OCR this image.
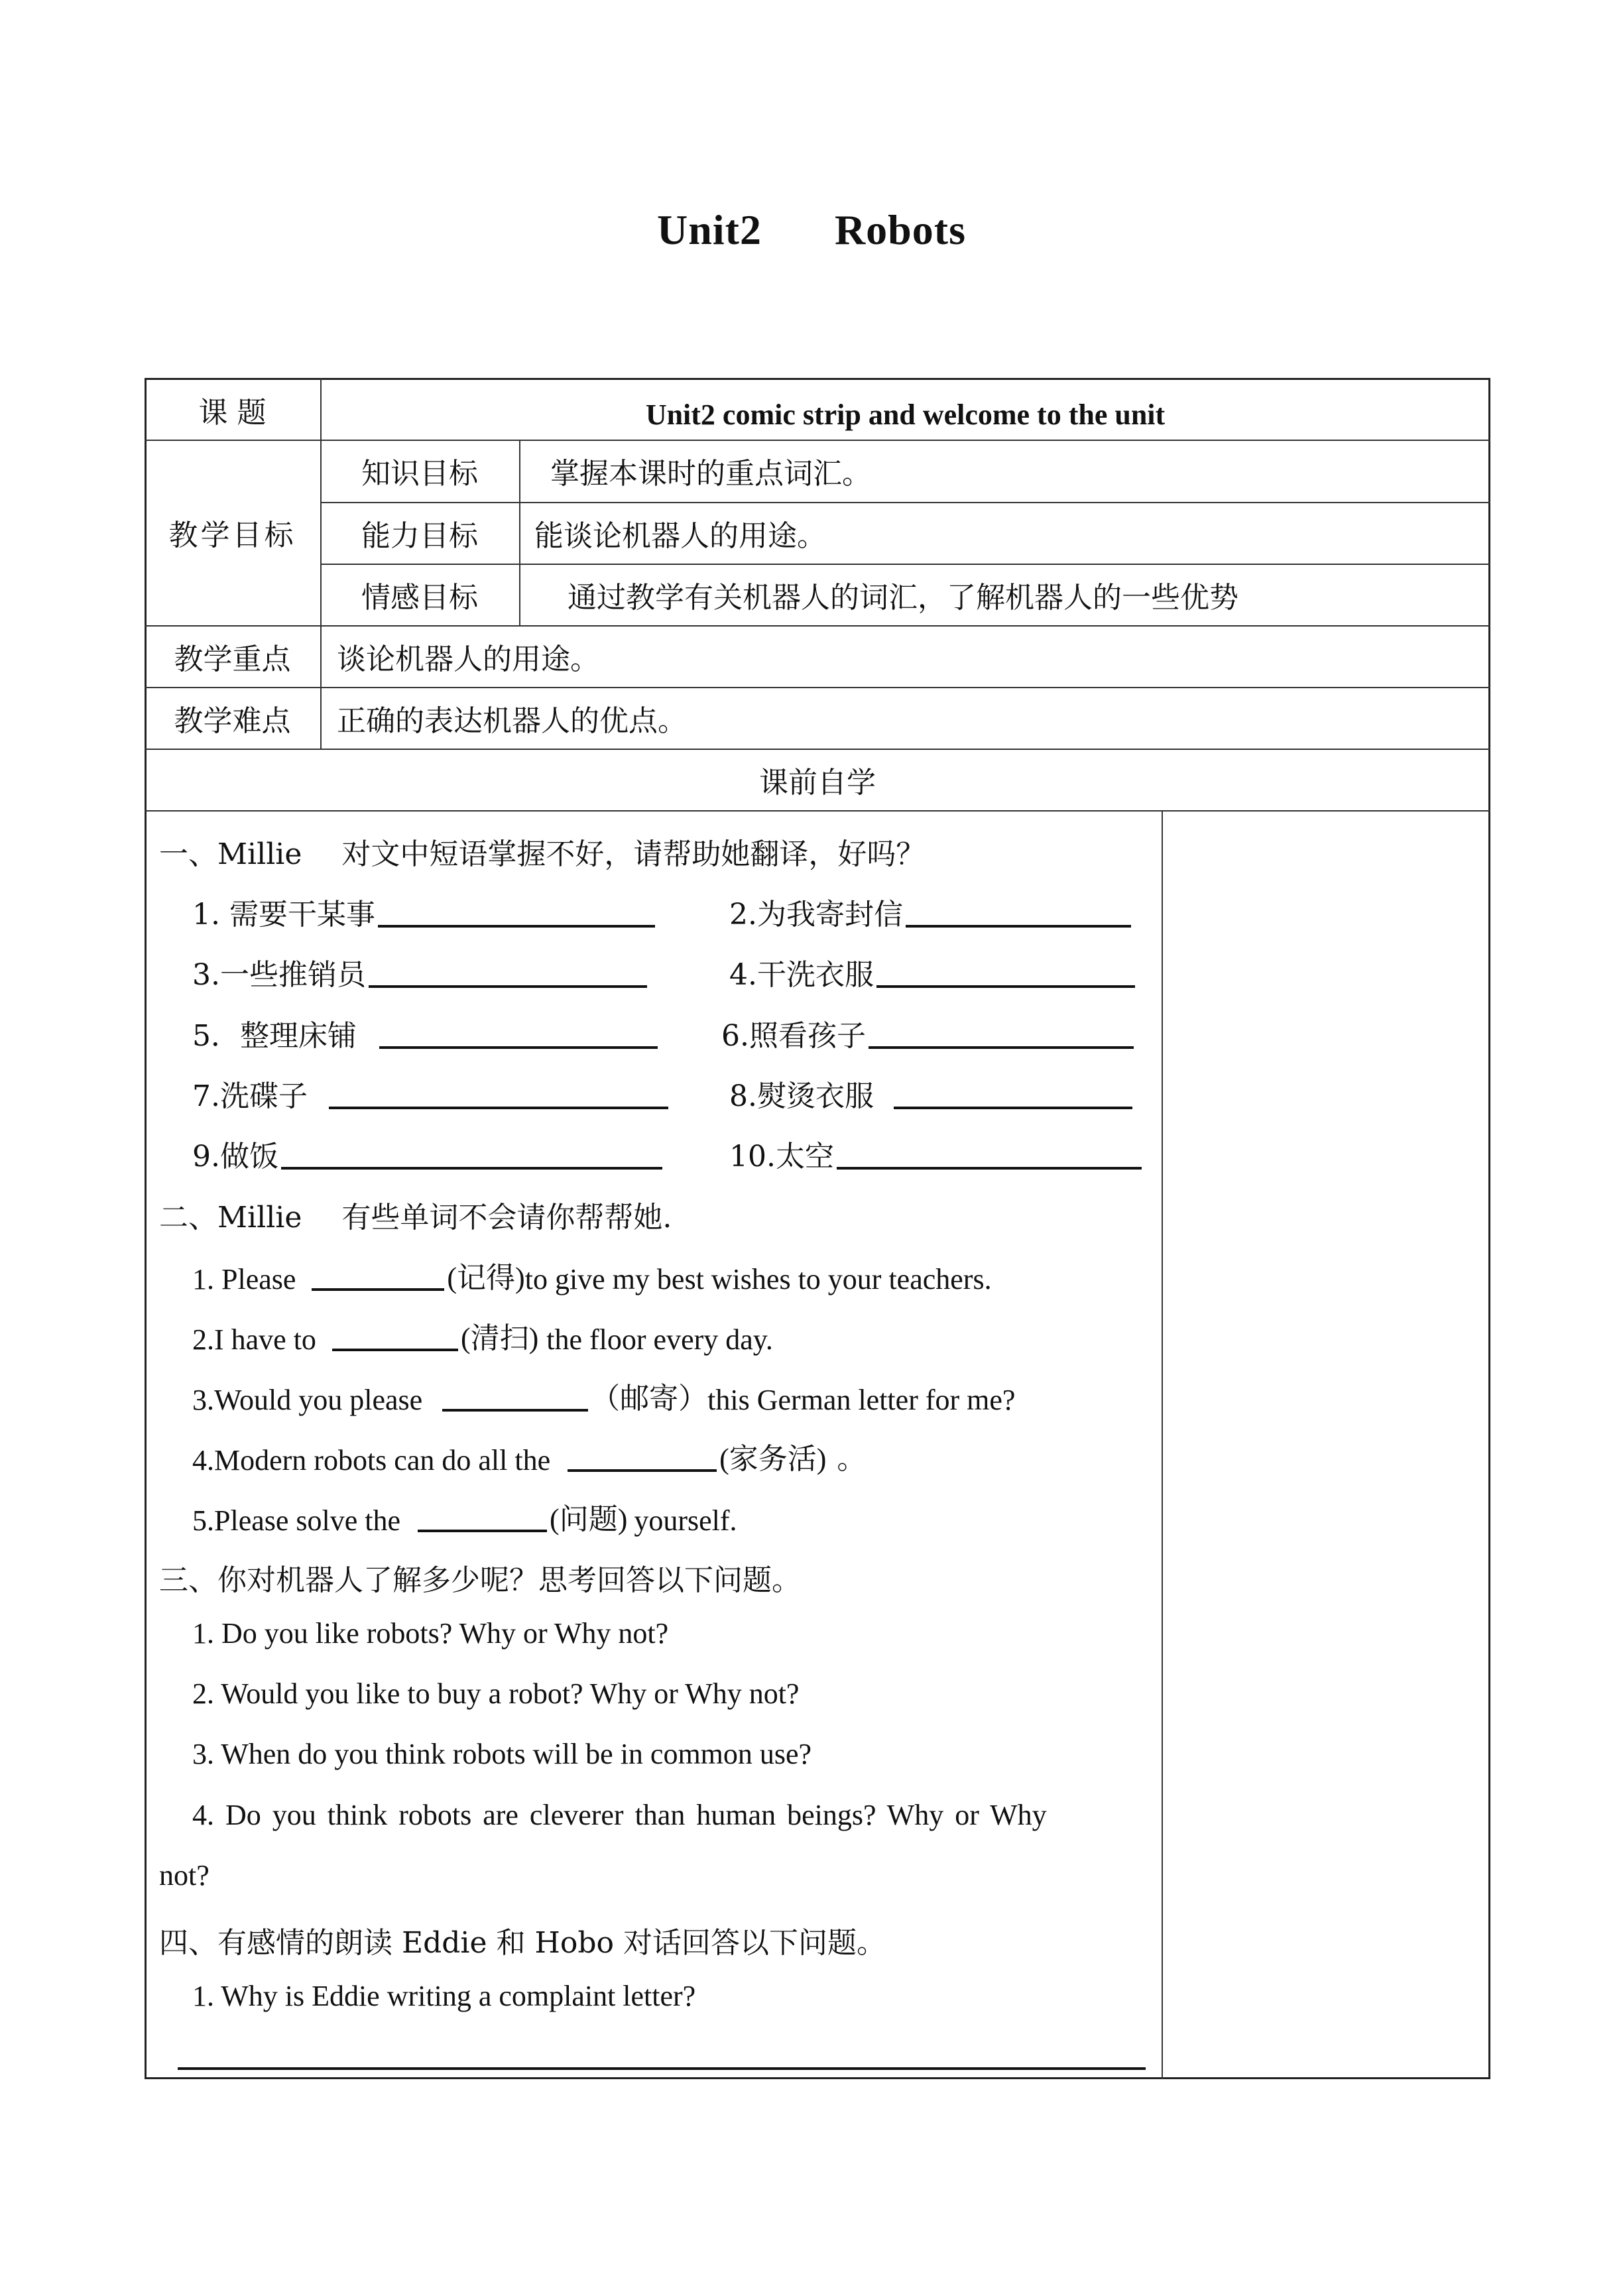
Unit2 Robots
课 题	Unit2 comic strip and welcome to the unit
教学目标
知识目标	掌握本课时的重点词汇。
能力目标	能谈论机器人的用途。
情感目标	通过教学有关机器人的词汇，了解机器人的一些优势
教学重点	谈论机器人的用途。
教学难点	正确的表达机器人的优点。
课前自学
一、Millie 对文中短语掌握不好，请帮助她翻译，好吗？
1. 需要干某事	2.为我寄封信
3.一些推销员	4.干洗衣服
5．整理床铺	6.照看孩子
7.洗碟子	8.熨烫衣服
9.做饭	10.太空
二、Millie 有些单词不会请你帮帮她.
1. Please	(记得) to give my best wishes to your teachers.
2.I have to	(清扫) the floor every day.
3.Would you please	（邮寄） this German letter for me?
4.Modern robots can do all the	(家务活) 。
5.Please solve the	(问题) yourself.
三、你对机器人了解多少呢？思考回答以下问题。
1. Do you like robots? Why or Why not?
2. Would you like to buy a robot? Why or Why not?
3. When do you think robots will be in common use?
4. Do you think robots are cleverer than human beings? Why or Why
not?
四、有感情的朗读 Eddie 和 Hobo 对话回答以下问题。
1. Why is Eddie writing a complaint letter?
